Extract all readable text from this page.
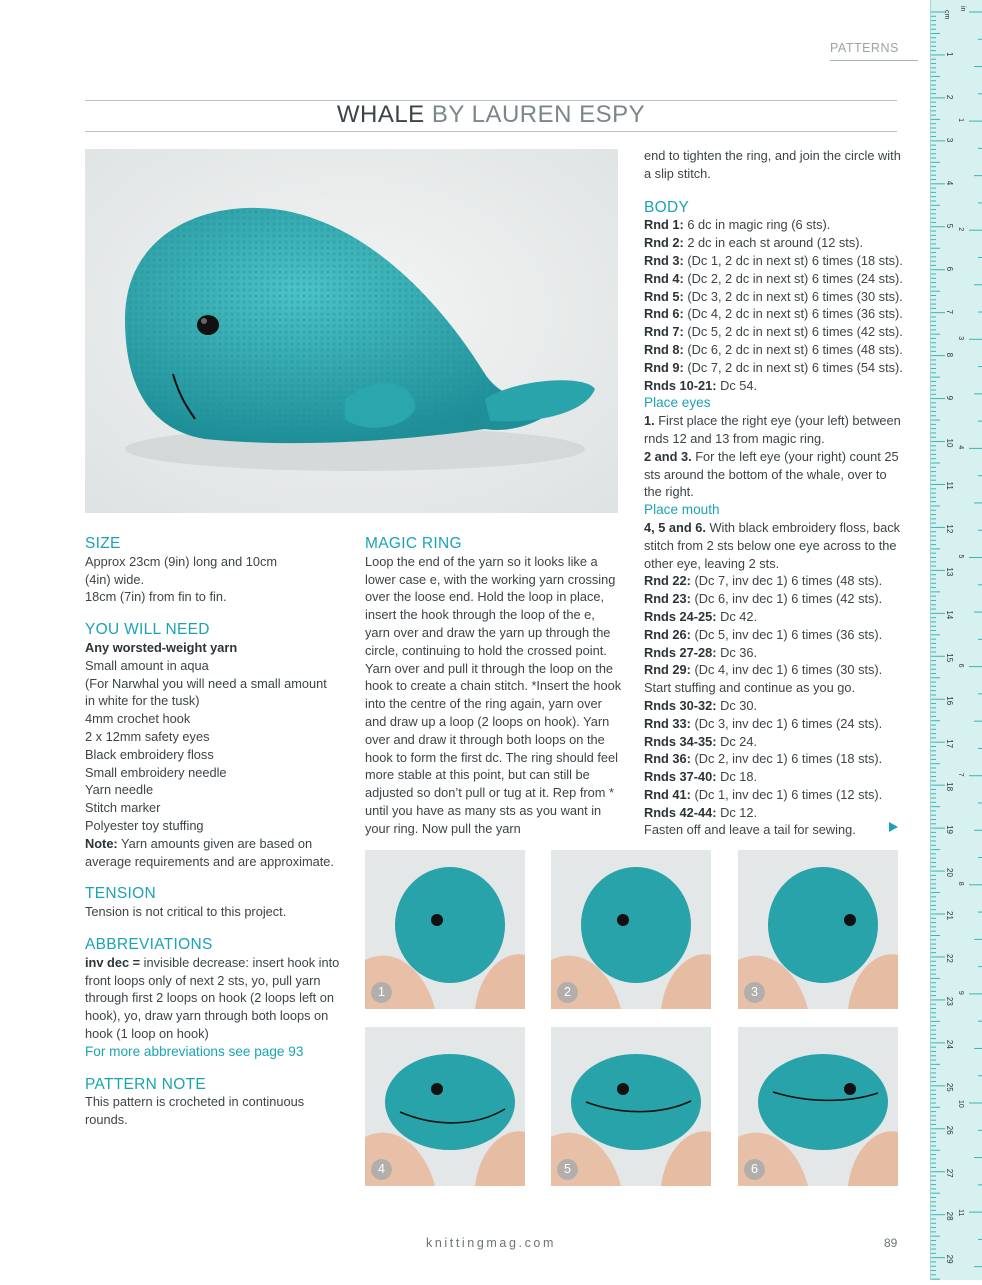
PATTERNS
WHALE BY LAUREN ESPY
SIZE

Approx 23cm (9in) long and 10cm

(4in) wide.

18cm (7in) from fin to fin.

YOU WILL NEED

Any worsted-weight yarn

Small amount in aqua

(For Narwhal you will need a small amount

in white for the tusk)

4mm crochet hook

2 x 12mm safety eyes

Black embroidery floss

Small embroidery needle

Yarn needle

Stitch marker

Polyester toy stuffing

Note: Yarn amounts given are based on average requirements and are approximate.

TENSION

Tension is not critical to this project.

ABBREVIATIONS

inv dec = invisible decrease: insert hook into front loops only of next 2 sts, yo, pull yarn through first 2 loops on hook (2 loops left on hook), yo, draw yarn through both loops on hook (1 loop on hook)

For more abbreviations see page 93

PATTERN NOTE

This pattern is crocheted in continuous rounds.

MAGIC RING

Loop the end of the yarn so it looks like a lower case e, with the working yarn crossing over the loose end. Hold the loop in place, insert the hook through the loop of the e, yarn over and draw the yarn up through the circle, continuing to hold the crossed point. Yarn over and pull it through the loop on the hook to create a chain stitch. *Insert the hook into the centre of the ring again, yarn over and draw up a loop (2 loops on hook). Yarn over and draw it through both loops on the hook to form the first dc. The ring should feel more stable at this point, but can still be adjusted so don’t pull or tug at it. Rep from * until you have as many sts as you want in your ring. Now pull the yarn

end to tighten the ring, and join the circle with a slip stitch.

BODY

Rnd 1: 6 dc in magic ring (6 sts).

Rnd 2: 2 dc in each st around (12 sts).

Rnd 3: (Dc 1, 2 dc in next st) 6 times (18 sts).

Rnd 4: (Dc 2, 2 dc in next st) 6 times (24 sts).

Rnd 5: (Dc 3, 2 dc in next st) 6 times (30 sts).

Rnd 6: (Dc 4, 2 dc in next st) 6 times (36 sts).

Rnd 7: (Dc 5, 2 dc in next st) 6 times (42 sts).

Rnd 8: (Dc 6, 2 dc in next st) 6 times (48 sts).

Rnd 9: (Dc 7, 2 dc in next st) 6 times (54 sts).

Rnds 10-21: Dc 54.

Place eyes

1. First place the right eye (your left) between rnds 12 and 13 from magic ring.

2 and 3. For the left eye (your right) count 25 sts around the bottom of the whale, over to the right.

Place mouth

4, 5 and 6. With black embroidery floss, back stitch from 2 sts below one eye across to the other eye, leaving 2 sts.

Rnd 22: (Dc 7, inv dec 1) 6 times (48 sts).

Rnd 23: (Dc 6, inv dec 1) 6 times (42 sts).

Rnds 24-25: Dc 42.

Rnd 26: (Dc 5, inv dec 1) 6 times (36 sts).

Rnds 27-28: Dc 36.

Rnd 29: (Dc 4, inv dec 1) 6 times (30 sts).

Start stuffing and continue as you go.

Rnds 30-32: Dc 30.

Rnd 33: (Dc 3, inv dec 1) 6 times (24 sts).

Rnds 34-35: Dc 24.

Rnd 36: (Dc 2, inv dec 1) 6 times (18 sts).

Rnds 37-40: Dc 18.

Rnd 41: (Dc 1, inv dec 1) 6 times (12 sts).

Rnds 42-44: Dc 12.

Fasten off and leave a tail for sewing.

1	2	3
4	5	6
knittingmag.com	89
cm
1
2
3
4
5
6
7
8
9
10
11
12
13
14
15
16
17
18
19
20
21
22
23
24
25
26
27
28
29
in
1
2
3
4
5
6
7
8
9
10
11
